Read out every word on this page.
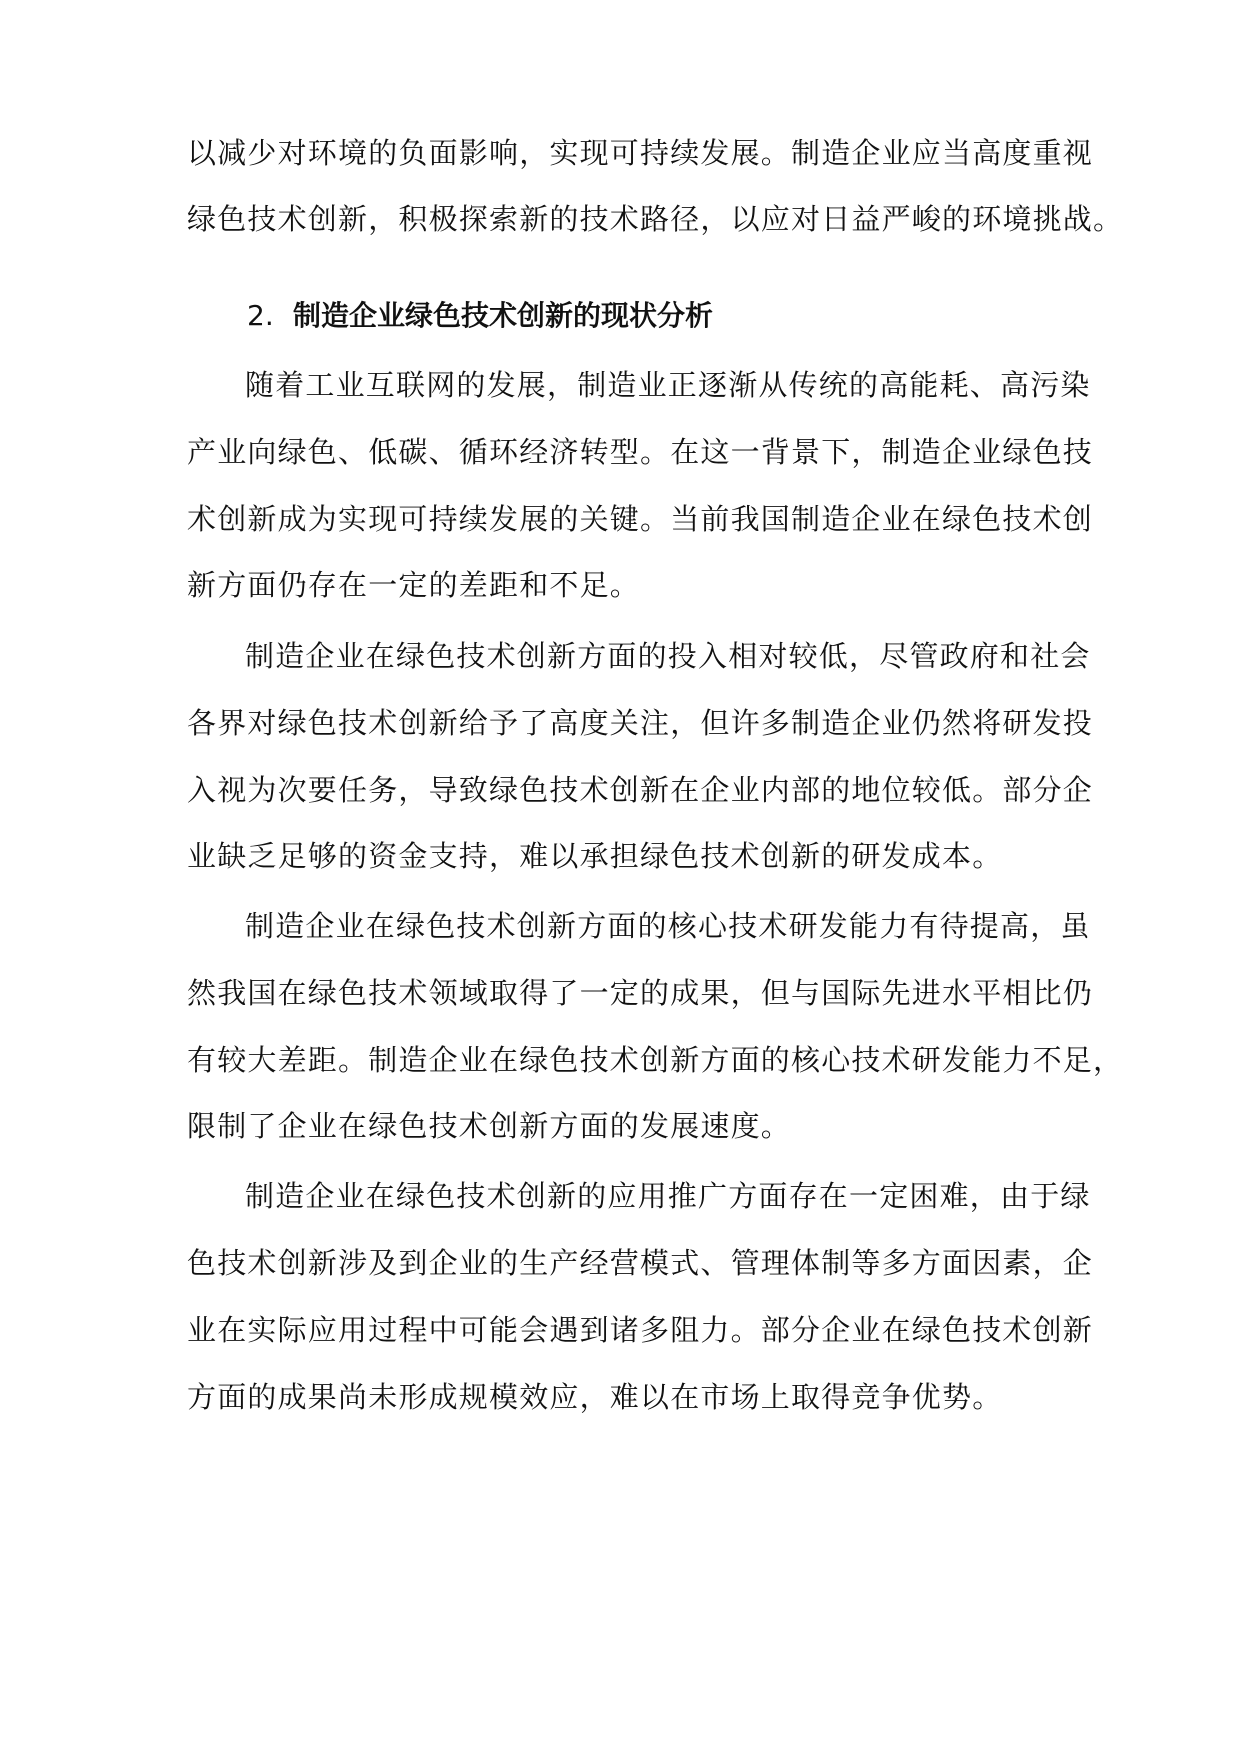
以减少对环境的负面影响，实现可持续发展。制造企业应当高度重视
绿色技术创新，积极探索新的技术路径，以应对日益严峻的环境挑战。
2. 制造企业绿色技术创新的现状分析
随着工业互联网的发展，制造业正逐渐从传统的高能耗、高污染
产业向绿色、低碳、循环经济转型。在这一背景下，制造企业绿色技
术创新成为实现可持续发展的关键。当前我国制造企业在绿色技术创
新方面仍存在一定的差距和不足。
制造企业在绿色技术创新方面的投入相对较低，尽管政府和社会
各界对绿色技术创新给予了高度关注，但许多制造企业仍然将研发投
入视为次要任务，导致绿色技术创新在企业内部的地位较低。部分企
业缺乏足够的资金支持，难以承担绿色技术创新的研发成本。
制造企业在绿色技术创新方面的核心技术研发能力有待提高，虽
然我国在绿色技术领域取得了一定的成果，但与国际先进水平相比仍
有较大差距。制造企业在绿色技术创新方面的核心技术研发能力不足，
限制了企业在绿色技术创新方面的发展速度。
制造企业在绿色技术创新的应用推广方面存在一定困难，由于绿
色技术创新涉及到企业的生产经营模式、管理体制等多方面因素，企
业在实际应用过程中可能会遇到诸多阻力。部分企业在绿色技术创新
方面的成果尚未形成规模效应，难以在市场上取得竞争优势。
